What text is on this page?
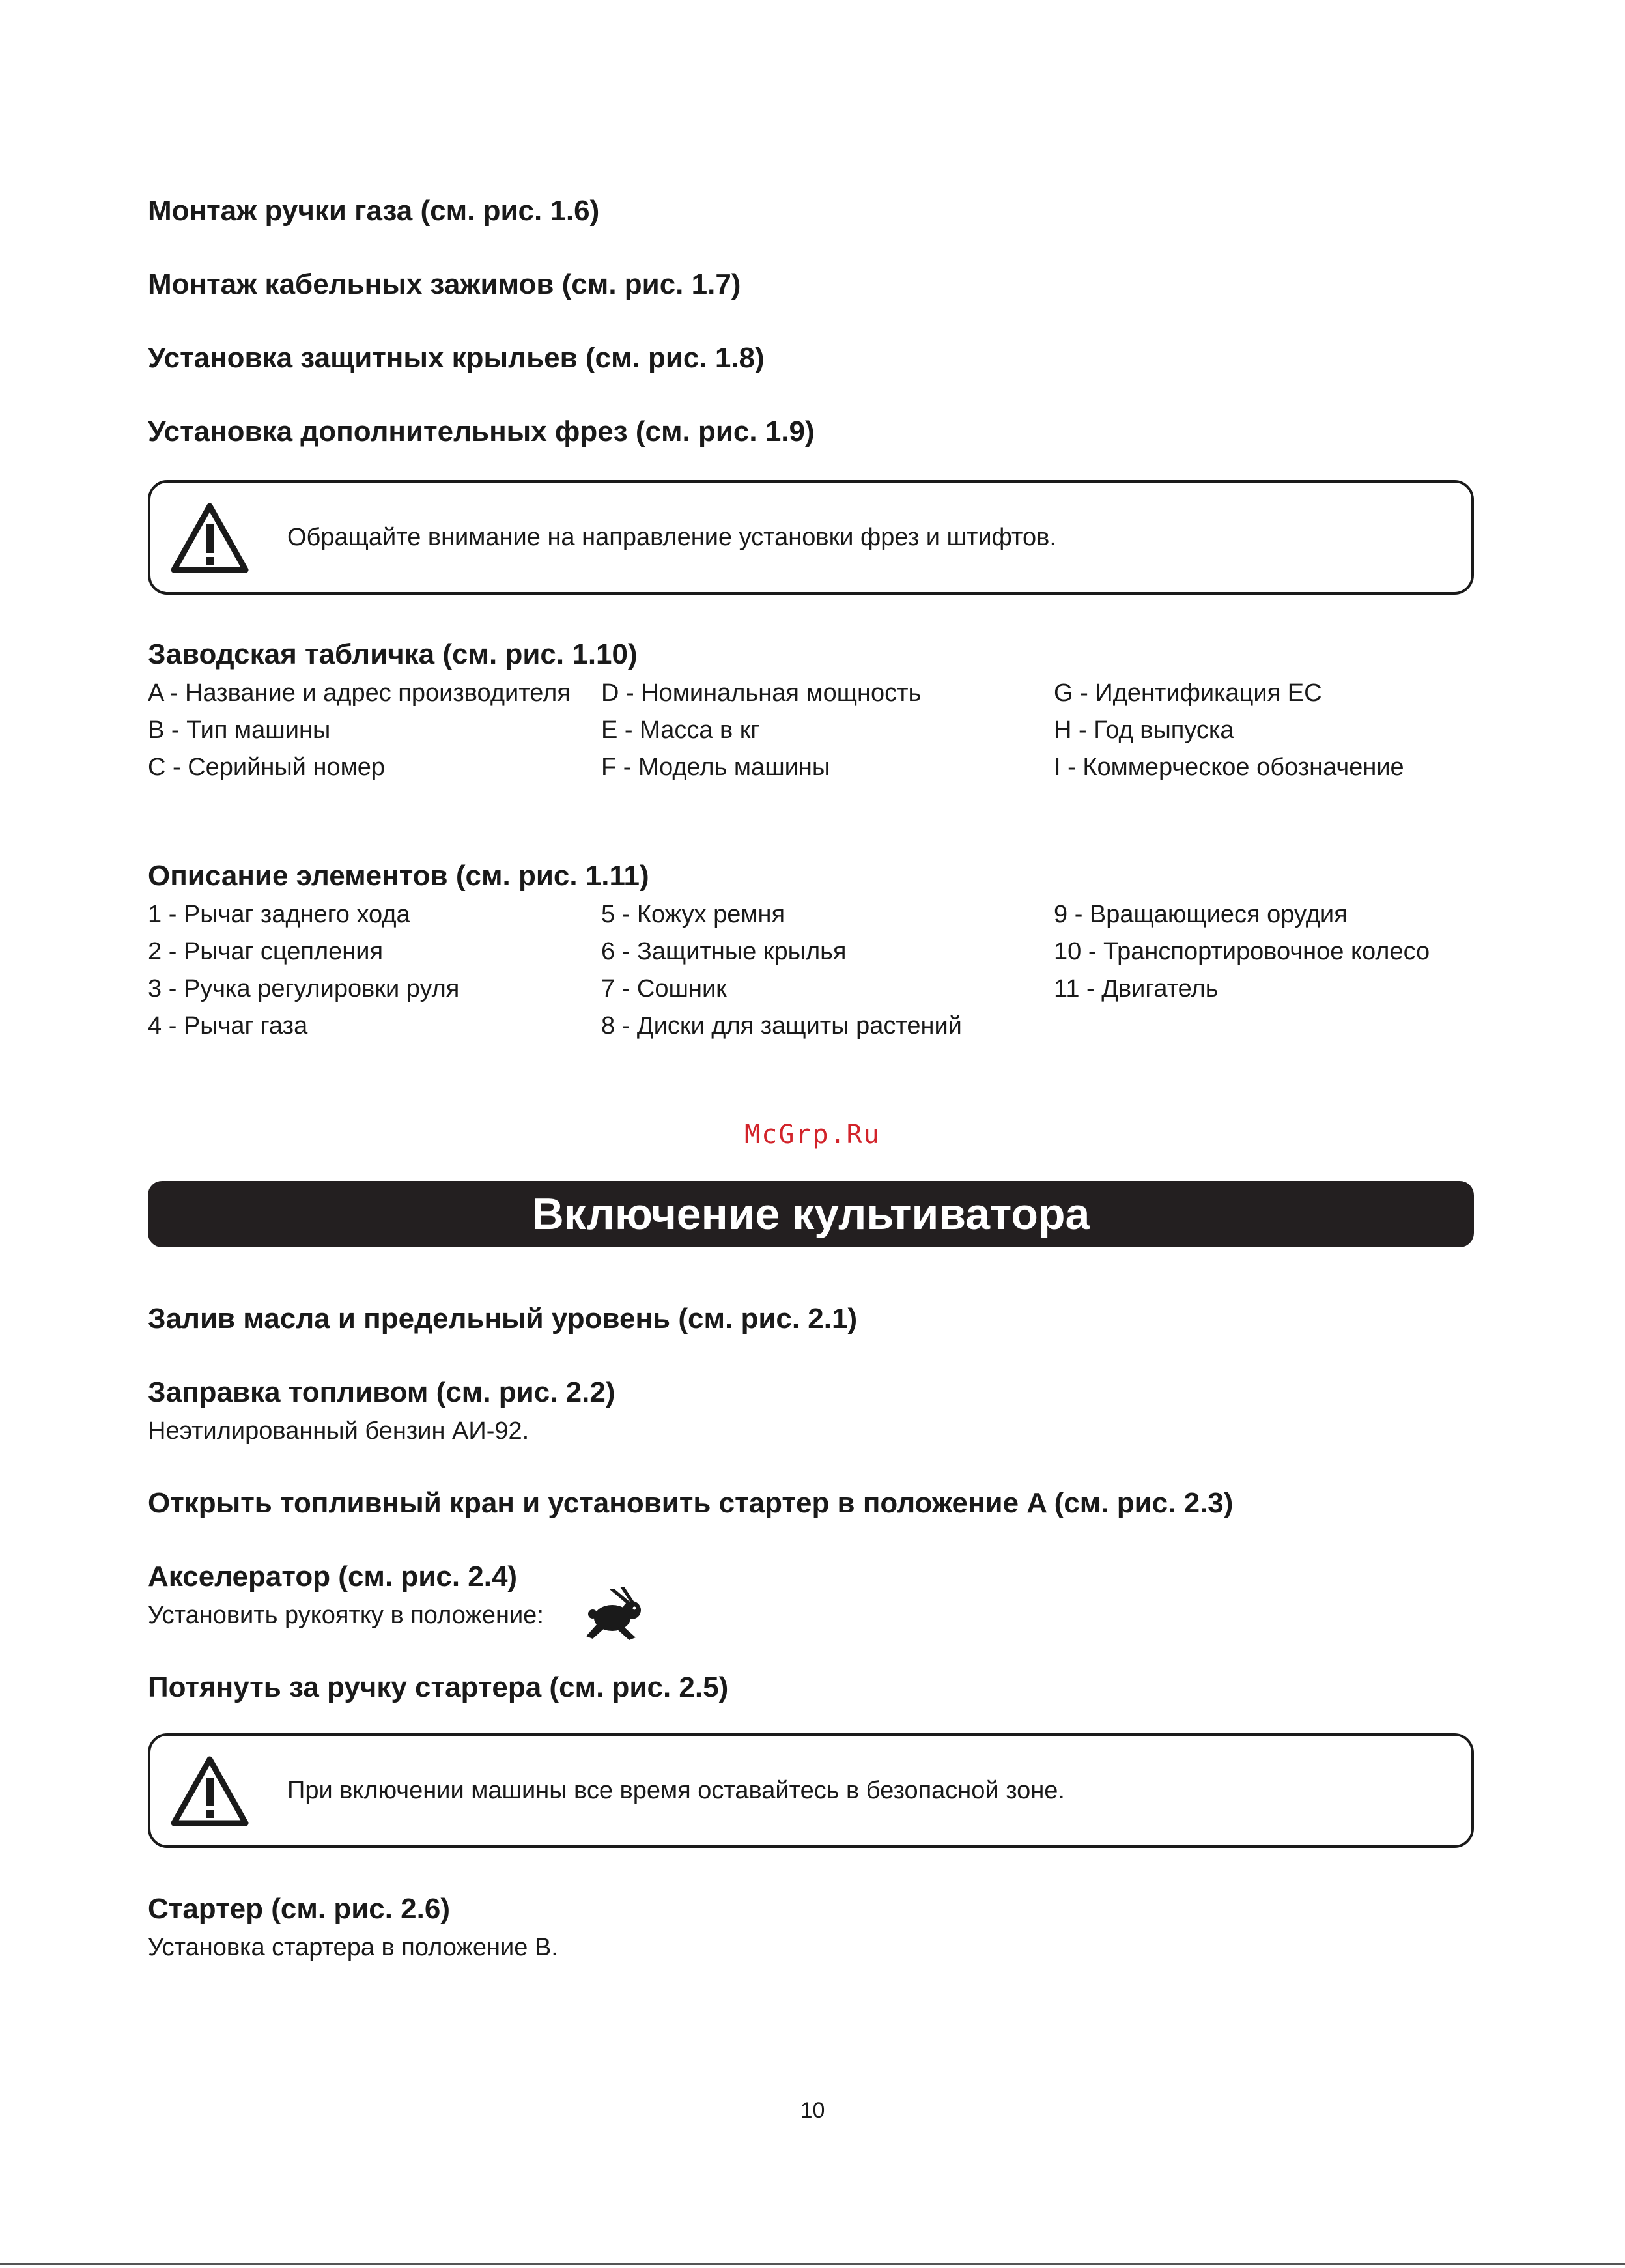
Монтаж ручки газа (см. рис. 1.6)
Монтаж кабельных зажимов (см. рис. 1.7)
Установка защитных крыльев (см. рис. 1.8)
Установка дополнительных фрез (см. рис. 1.9)
Обращайте внимание на направление установки фрез и штифтов.
Заводская табличка (см. рис. 1.10)
A - Название и адрес производителя
B - Тип машины
C - Серийный номер
D - Номинальная мощность
E - Масса в кг
F - Модель машины
G - Идентификация ЕС
H - Год выпуска
I - Коммерческое обозначение
Описание элементов (см. рис. 1.11)
1 - Рычаг заднего хода
2 - Рычаг сцепления
3 - Ручка регулировки руля
4 - Рычаг газа
5 - Кожух ремня
6 - Защитные крылья
7 - Сошник
8 - Диски для защиты растений
9 - Вращающиеся орудия
10 - Транспортировочное колесо
11 - Двигатель
McGrp.Ru
Включение культиватора
Залив масла и предельный уровень (см. рис. 2.1)
Заправка топливом (см. рис. 2.2)
Неэтилированный бензин АИ-92.
Открыть топливный кран и установить стартер в положение A (см. рис. 2.3)
Акселератор (см. рис. 2.4)
Установить рукоятку в положение:
Потянуть за ручку стартера (см. рис. 2.5)
При включении машины все время оставайтесь в безопасной зоне.
Стартер (см. рис. 2.6)
Установка стартера в положение B.
10
